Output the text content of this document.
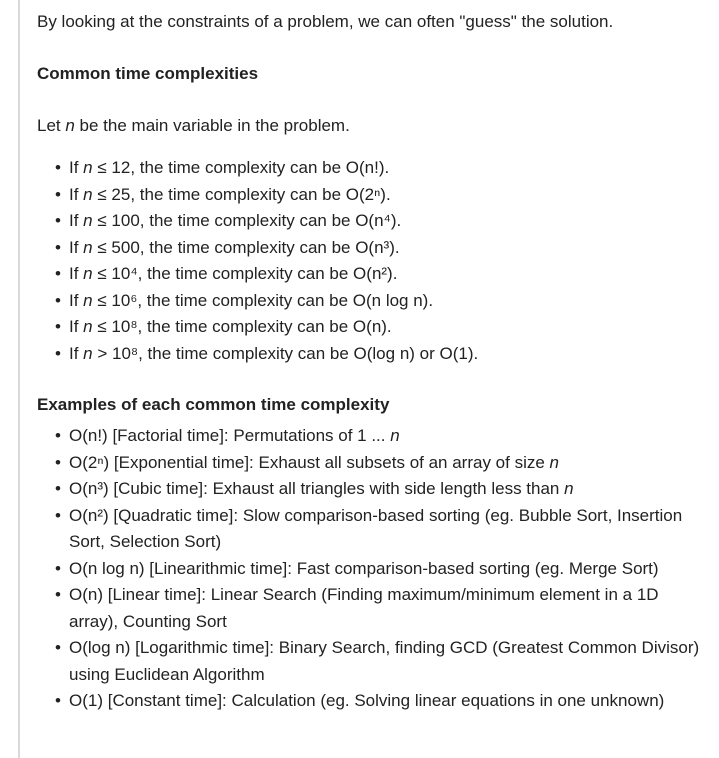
By looking at the constraints of a problem, we can often "guess" the solution.

Common time complexities

Let n be the main variable in the problem.

• If n ≤ 12, the time complexity can be O(n!).
• If n ≤ 25, the time complexity can be O(2ⁿ).
• If n ≤ 100, the time complexity can be O(n⁴).
• If n ≤ 500, the time complexity can be O(n³).
• If n ≤ 10⁴, the time complexity can be O(n²).
• If n ≤ 10⁶, the time complexity can be O(n log n).
• If n ≤ 10⁸, the time complexity can be O(n).
• If n > 10⁸, the time complexity can be O(log n) or O(1).

Examples of each common time complexity

• O(n!) [Factorial time]: Permutations of 1 ... n
• O(2ⁿ) [Exponential time]: Exhaust all subsets of an array of size n
• O(n³) [Cubic time]: Exhaust all triangles with side length less than n
• O(n²) [Quadratic time]: Slow comparison-based sorting (eg. Bubble Sort, Insertion Sort, Selection Sort)
• O(n log n) [Linearithmic time]: Fast comparison-based sorting (eg. Merge Sort)
• O(n) [Linear time]: Linear Search (Finding maximum/minimum element in a 1D array), Counting Sort
• O(log n) [Logarithmic time]: Binary Search, finding GCD (Greatest Common Divisor) using Euclidean Algorithm
• O(1) [Constant time]: Calculation (eg. Solving linear equations in one unknown)
